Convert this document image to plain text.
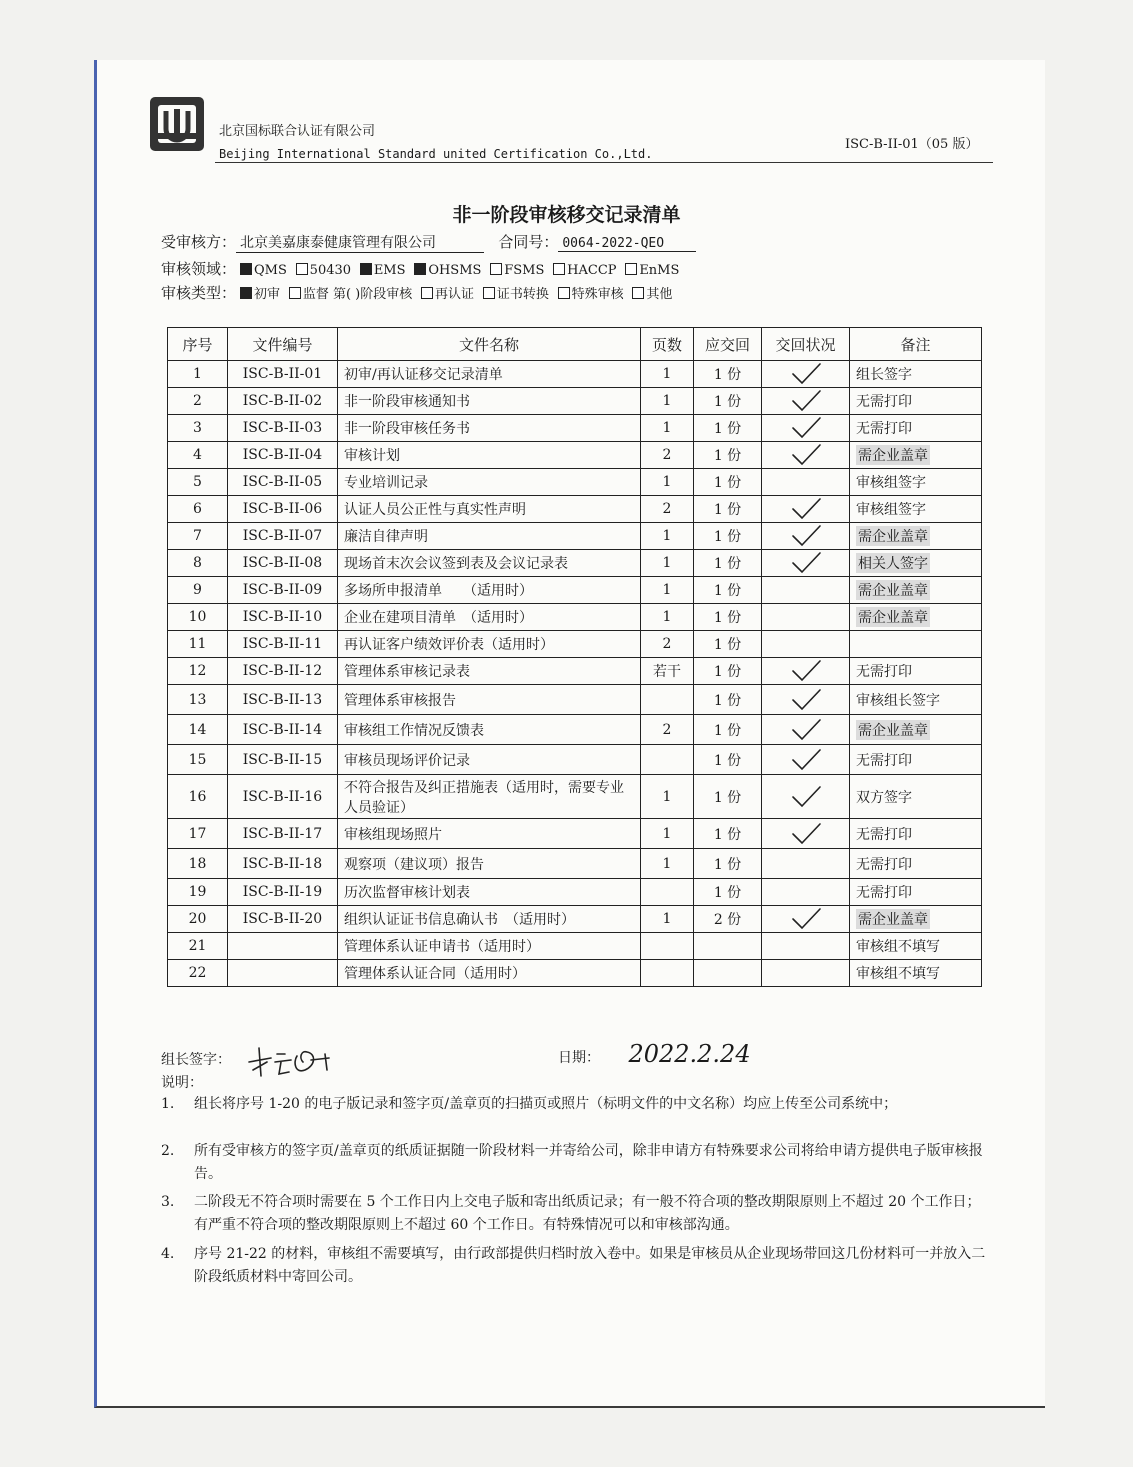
北京国标联合认证有限公司
Beijing International Standard united Certification Co.,Ltd.
ISC-B-II-01（05 版）
非一阶段审核移交记录清单
受审核方： 北京美嘉康泰健康管理有限公司	合同号： 0064-2022-QEO
审核领域： QMS 50430 EMS OHSMS FSMS HACCP EnMS
审核类型： 初审 监督 第( )阶段审核 再认证 证书转换 特殊审核 其他
序号	文件编号	文件名称	页数	应交回	交回状况	备注
1	ISC-B-II-01	初审/再认证移交记录清单	1	1 份		组长签字
2	ISC-B-II-02	非一阶段审核通知书	1	1 份		无需打印
3	ISC-B-II-03	非一阶段审核任务书	1	1 份		无需打印
4	ISC-B-II-04	审核计划	2	1 份		需企业盖章
5	ISC-B-II-05	专业培训记录	1	1 份		审核组签字
6	ISC-B-II-06	认证人员公正性与真实性声明	2	1 份		审核组签字
7	ISC-B-II-07	廉洁自律声明	1	1 份		需企业盖章
8	ISC-B-II-08	现场首末次会议签到表及会议记录表	1	1 份		相关人签字
9	ISC-B-II-09	多场所申报清单　　（适用时）	1	1 份		需企业盖章
10	ISC-B-II-10	企业在建项目清单　（适用时）	1	1 份		需企业盖章
11	ISC-B-II-11	再认证客户绩效评价表（适用时）	2	1 份		
12	ISC-B-II-12	管理体系审核记录表	若干	1 份		无需打印
13	ISC-B-II-13	管理体系审核报告		1 份		审核组长签字
14	ISC-B-II-14	审核组工作情况反馈表	2	1 份		需企业盖章
15	ISC-B-II-15	审核员现场评价记录		1 份		无需打印
16	ISC-B-II-16	不符合报告及纠正措施表（适用时，需要专业人员验证）	1	1 份		双方签字
17	ISC-B-II-17	审核组现场照片	1	1 份		无需打印
18	ISC-B-II-18	观察项（建议项）报告	1	1 份		无需打印
19	ISC-B-II-19	历次监督审核计划表		1 份		无需打印
20	ISC-B-II-20	组织认证证书信息确认书　（适用时）	1	2 份		需企业盖章
21		管理体系认证申请书（适用时）				审核组不填写
22		管理体系认证合同（适用时）				审核组不填写
组长签字：	日期： 2022.2.24
说明：
1.	组长将序号 1-20 的电子版记录和签字页/盖章页的扫描页或照片（标明文件的中文名称）均应上传至公司系统中；
2.	所有受审核方的签字页/盖章页的纸质证据随一阶段材料一并寄给公司，除非申请方有特殊要求公司将给申请方提供电子版审核报告。
3.	二阶段无不符合项时需要在 5 个工作日内上交电子版和寄出纸质记录；有一般不符合项的整改期限原则上不超过 20 个工作日；有严重不符合项的整改期限原则上不超过 60 个工作日。有特殊情况可以和审核部沟通。
4.	序号 21-22 的材料，审核组不需要填写，由行政部提供归档时放入卷中。如果是审核员从企业现场带回这几份材料可一并放入二阶段纸质材料中寄回公司。
